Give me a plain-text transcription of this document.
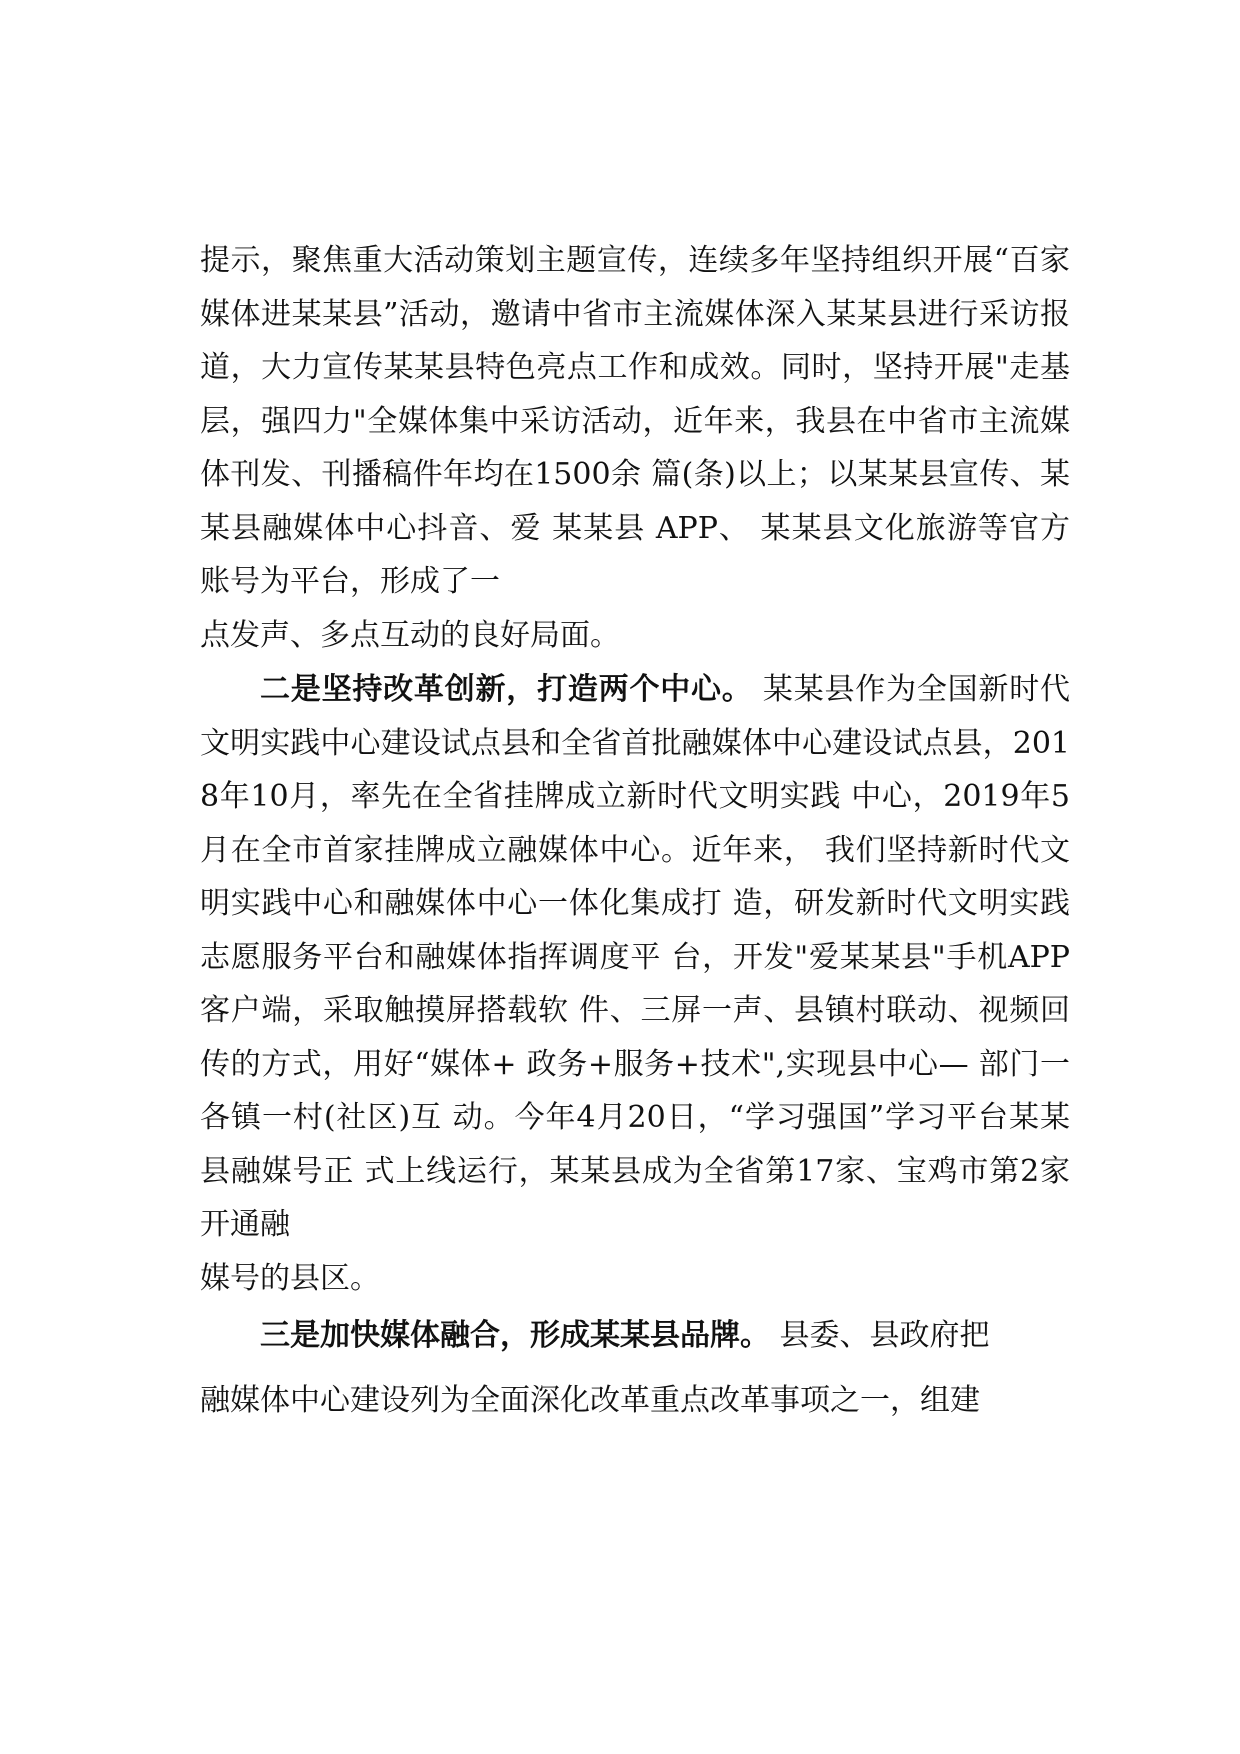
提示，聚焦重大活动策划主题宣传，连续多年坚持组织开展“百家媒体进某某县”活动，邀请中省市主流媒体深入某某县进行采访报道，大力宣传某某县特色亮点工作和成效。同时，坚持开展"走基层，强四力"全媒体集中采访活动，近年来，我县在中省市主流媒体刊发、刊播稿件年均在1500余 篇(条)以上；以某某县宣传、某某县融媒体中心抖音、爱 某某县 APP、 某某县文化旅游等官方账号为平台，形成了一

点发声、多点互动的良好局面。

二是坚持改革创新，打造两个中心。 某某县作为全国新时代文明实践中心建设试点县和全省首批融媒体中心建设试点县，2018年10月，率先在全省挂牌成立新时代文明实践 中心，2019年5月在全市首家挂牌成立融媒体中心。近年来， 我们坚持新时代文明实践中心和融媒体中心一体化集成打 造，研发新时代文明实践志愿服务平台和融媒体指挥调度平 台，开发"爱某某县"手机APP 客户端，采取触摸屏搭载软 件、三屏一声、县镇村联动、视频回传的方式，用好“媒体+ 政务+服务+技术",实现县中心— 部门一各镇一村(社区)互 动。今年4月20日，“学习强国”学习平台某某县融媒号正 式上线运行，某某县成为全省第17家、宝鸡市第2家开通融

媒号的县区。

三是加快媒体融合，形成某某县品牌。 县委、县政府把

融媒体中心建设列为全面深化改革重点改革事项之一，组建
